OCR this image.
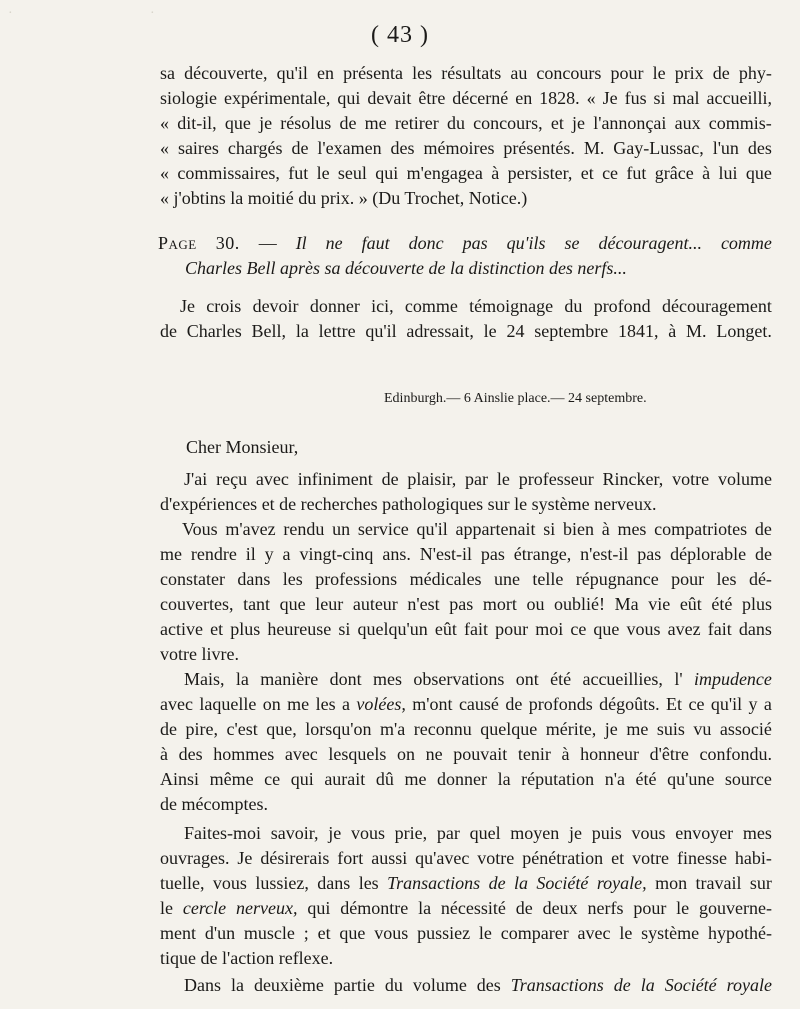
( 43 )
sa découverte, qu'il en présenta les résultats au concours pour le prix de phy-
siologie expérimentale, qui devait être décerné en 1828. « Je fus si mal accueilli,
« dit-il, que je résolus de me retirer du concours, et je l'annonçai aux commis-
« saires chargés de l'examen des mémoires présentés. M. Gay-Lussac, l'un des
« commissaires, fut le seul qui m'engagea à persister, et ce fut grâce à lui que
« j'obtins la moitié du prix. » (Du Trochet, Notice.)
Page 30. — Il ne faut donc pas qu'ils se découragent... comme
Charles Bell après sa découverte de la distinction des nerfs...
Je crois devoir donner ici, comme témoignage du profond découragement
de Charles Bell, la lettre qu'il adressait, le 24 septembre 1841, à M. Longet.
Edinburgh.— 6 Ainslie place.— 24 septembre.
Cher Monsieur,
J'ai reçu avec infiniment de plaisir, par le professeur Rincker, votre volume
d'expériences et de recherches pathologiques sur le système nerveux.
Vous m'avez rendu un service qu'il appartenait si bien à mes compatriotes de
me rendre il y a vingt-cinq ans. N'est-il pas étrange, n'est-il pas déplorable de
constater dans les professions médicales une telle répugnance pour les dé-
couvertes, tant que leur auteur n'est pas mort ou oublié! Ma vie eût été plus
active et plus heureuse si quelqu'un eût fait pour moi ce que vous avez fait dans
votre livre.
Mais, la manière dont mes observations ont été accueillies, l' impudence
avec laquelle on me les a volées, m'ont causé de profonds dégoûts. Et ce qu'il y a
de pire, c'est que, lorsqu'on m'a reconnu quelque mérite, je me suis vu associé
à des hommes avec lesquels on ne pouvait tenir à honneur d'être confondu.
Ainsi même ce qui aurait dû me donner la réputation n'a été qu'une source
de mécomptes.
Faites-moi savoir, je vous prie, par quel moyen je puis vous envoyer mes
ouvrages. Je désirerais fort aussi qu'avec votre pénétration et votre finesse habi-
tuelle, vous lussiez, dans les Transactions de la Société royale, mon travail sur
le cercle nerveux, qui démontre la nécessité de deux nerfs pour le gouverne-
ment d'un muscle ; et que vous pussiez le comparer avec le système hypothé-
tique de l'action reflexe.
Dans la deuxième partie du volume des Transactions de la Société royale
·
·
